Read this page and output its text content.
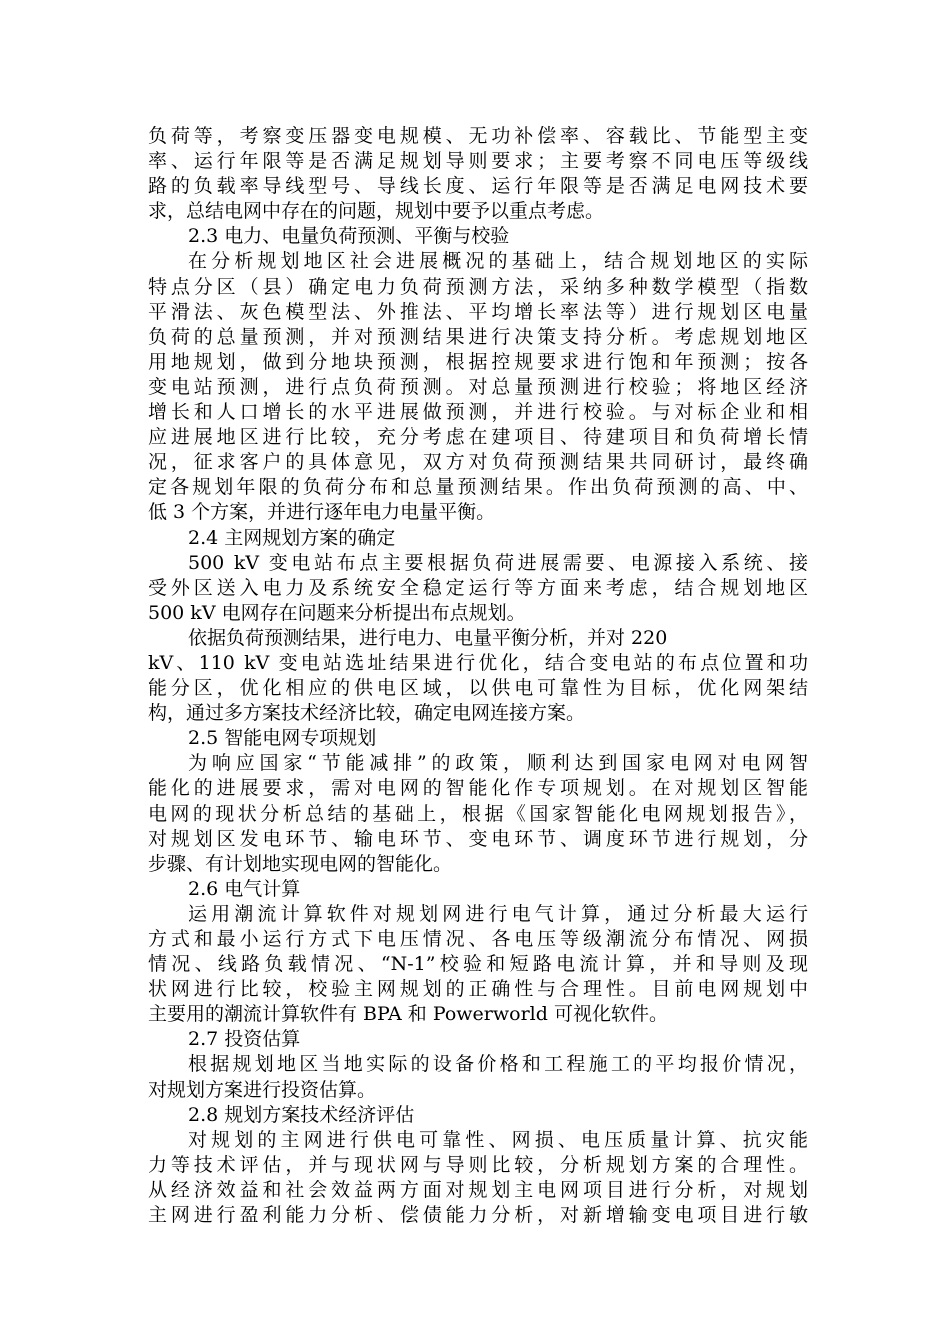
负荷等，考察变压器变电规模、无功补偿率、容载比、节能型主变
率、运行年限等是否满足规划导则要求；主要考察不同电压等级线
路的负载率导线型号、导线长度、运行年限等是否满足电网技术要
求，总结电网中存在的问题，规划中要予以重点考虑。
2.3 电力、电量负荷预测、平衡与校验
在分析规划地区社会进展概况的基础上，结合规划地区的实际
特点分区（县）确定电力负荷预测方法，采纳多种数学模型（指数
平滑法、灰色模型法、外推法、平均增长率法等）进行规划区电量
负荷的总量预测，并对预测结果进行决策支持分析。考虑规划地区
用地规划，做到分地块预测，根据控规要求进行饱和年预测；按各
变电站预测，进行点负荷预测。对总量预测进行校验；将地区经济
增长和人口增长的水平进展做预测，并进行校验。与对标企业和相
应进展地区进行比较，充分考虑在建项目、待建项目和负荷增长情
况，征求客户的具体意见，双方对负荷预测结果共同研讨，最终确
定各规划年限的负荷分布和总量预测结果。作出负荷预测的高、中、
低 3 个方案，并进行逐年电力电量平衡。
2.4 主网规划方案的确定
500 kV 变电站布点主要根据负荷进展需要、电源接入系统、接
受外区送入电力及系统安全稳定运行等方面来考虑，结合规划地区
500 kV 电网存在问题来分析提出布点规划。
依据负荷预测结果，进行电力、电量平衡分析，并对 220
kV、110 kV 变电站选址结果进行优化，结合变电站的布点位置和功
能分区，优化相应的供电区域，以供电可靠性为目标，优化网架结
构，通过多方案技术经济比较，确定电网连接方案。
2.5 智能电网专项规划
为响应国家“节能减排”的政策，顺利达到国家电网对电网智
能化的进展要求，需对电网的智能化作专项规划。在对规划区智能
电网的现状分析总结的基础上，根据《国家智能化电网规划报告》，
对规划区发电环节、输电环节、变电环节、调度环节进行规划，分
步骤、有计划地实现电网的智能化。
2.6 电气计算
运用潮流计算软件对规划网进行电气计算，通过分析最大运行
方式和最小运行方式下电压情况、各电压等级潮流分布情况、网损
情况、线路负载情况、“N-1”校验和短路电流计算，并和导则及现
状网进行比较，校验主网规划的正确性与合理性。目前电网规划中
主要用的潮流计算软件有 BPA 和 Powerworld 可视化软件。
2.7 投资估算
根据规划地区当地实际的设备价格和工程施工的平均报价情况，
对规划方案进行投资估算。
2.8 规划方案技术经济评估
对规划的主网进行供电可靠性、网损、电压质量计算、抗灾能
力等技术评估，并与现状网与导则比较，分析规划方案的合理性。
从经济效益和社会效益两方面对规划主电网项目进行分析，对规划
主网进行盈利能力分析、偿债能力分析，对新增输变电项目进行敏
